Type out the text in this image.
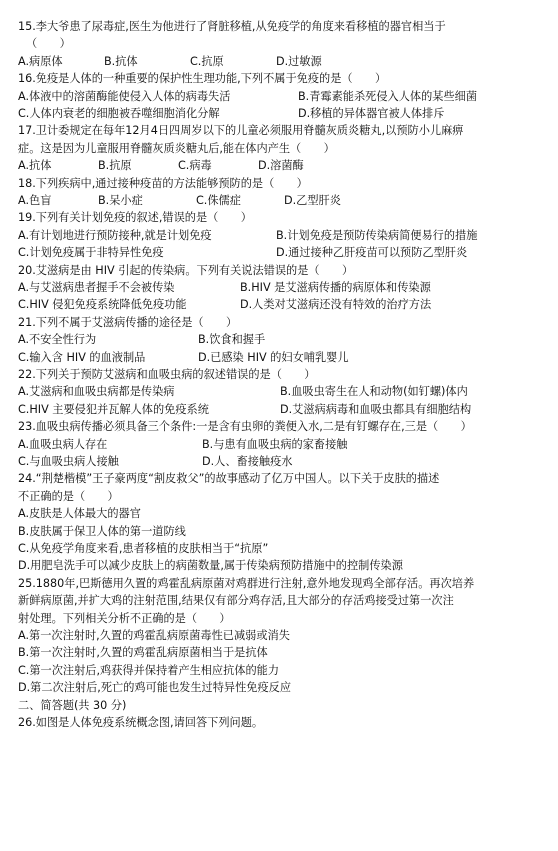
15.李大爷患了尿毒症,医生为他进行了肾脏移植,从免疫学的角度来看移植的器官相当于
（　　）
A.病原体	B.抗体	C.抗原	D.过敏源
16.免疫是人体的一种重要的保护性生理功能,下列不属于免疫的是（　　）
A.体液中的溶菌酶能使侵入人体的病毒失活	B.青霉素能杀死侵入人体的某些细菌
C.人体内衰老的细胞被吞噬细胞消化分解	D.移植的异体器官被人体排斥
17.卫计委规定在每年12月4日四周岁以下的儿童必须服用脊髓灰质炎糖丸,以预防小儿麻痹
症。这是因为儿童服用脊髓灰质炎糖丸后,能在体内产生（　　）
A.抗体	B.抗原	C.病毒	D.溶菌酶
18.下列疾病中,通过接种疫苗的方法能够预防的是（　　）
A.色盲	B.呆小症	C.侏儒症	D.乙型肝炎
19.下列有关计划免疫的叙述,错误的是（　　）
A.有计划地进行预防接种,就是计划免疫	B.计划免疫是预防传染病简便易行的措施
C.计划免疫属于非特异性免疫	D.通过接种乙肝疫苗可以预防乙型肝炎
20.艾滋病是由 HIV 引起的传染病。下列有关说法错误的是（　　）
A.与艾滋病患者握手不会被传染	B.HIV 是艾滋病传播的病原体和传染源
C.HIV 侵犯免疫系统降低免疫功能	D.人类对艾滋病还没有特效的治疗方法
21.下列不属于艾滋病传播的途径是（　　）
A.不安全性行为	B.饮食和握手
C.输入含 HIV 的血液制品	D.已感染 HIV 的妇女哺乳婴儿
22.下列关于预防艾滋病和血吸虫病的叙述错误的是（　　）
A.艾滋病和血吸虫病都是传染病	B.血吸虫寄生在人和动物(如钉螺)体内
C.HIV 主要侵犯并瓦解人体的免疫系统	D.艾滋病病毒和血吸虫都具有细胞结构
23.血吸虫病传播必须具备三个条件:一是含有虫卵的粪便入水,二是有钉螺存在,三是（　　）
A.血吸虫病人存在	B.与患有血吸虫病的家畜接触
C.与血吸虫病人接触	D.人、畜接触疫水
24.“荆楚楷模”王子豪两度“割皮救父”的故事感动了亿万中国人。以下关于皮肤的描述
不正确的是（　　）
A.皮肤是人体最大的器官
B.皮肤属于保卫人体的第一道防线
C.从免疫学角度来看,患者移植的皮肤相当于“抗原”
D.用肥皂洗手可以减少皮肤上的病菌数量,属于传染病预防措施中的控制传染源
25.1880年,巴斯德用久置的鸡霍乱病原菌对鸡群进行注射,意外地发现鸡全部存活。再次培养
新鲜病原菌,并扩大鸡的注射范围,结果仅有部分鸡存活,且大部分的存活鸡接受过第一次注
射处理。下列相关分析不正确的是（　　）
A.第一次注射时,久置的鸡霍乱病原菌毒性已减弱或消失
B.第一次注射时,久置的鸡霍乱病原菌相当于是抗体
C.第一次注射后,鸡获得并保持着产生相应抗体的能力
D.第二次注射后,死亡的鸡可能也发生过特异性免疫反应
二、简答题(共 30 分)
26.如图是人体免疫系统概念图,请回答下列问题。
